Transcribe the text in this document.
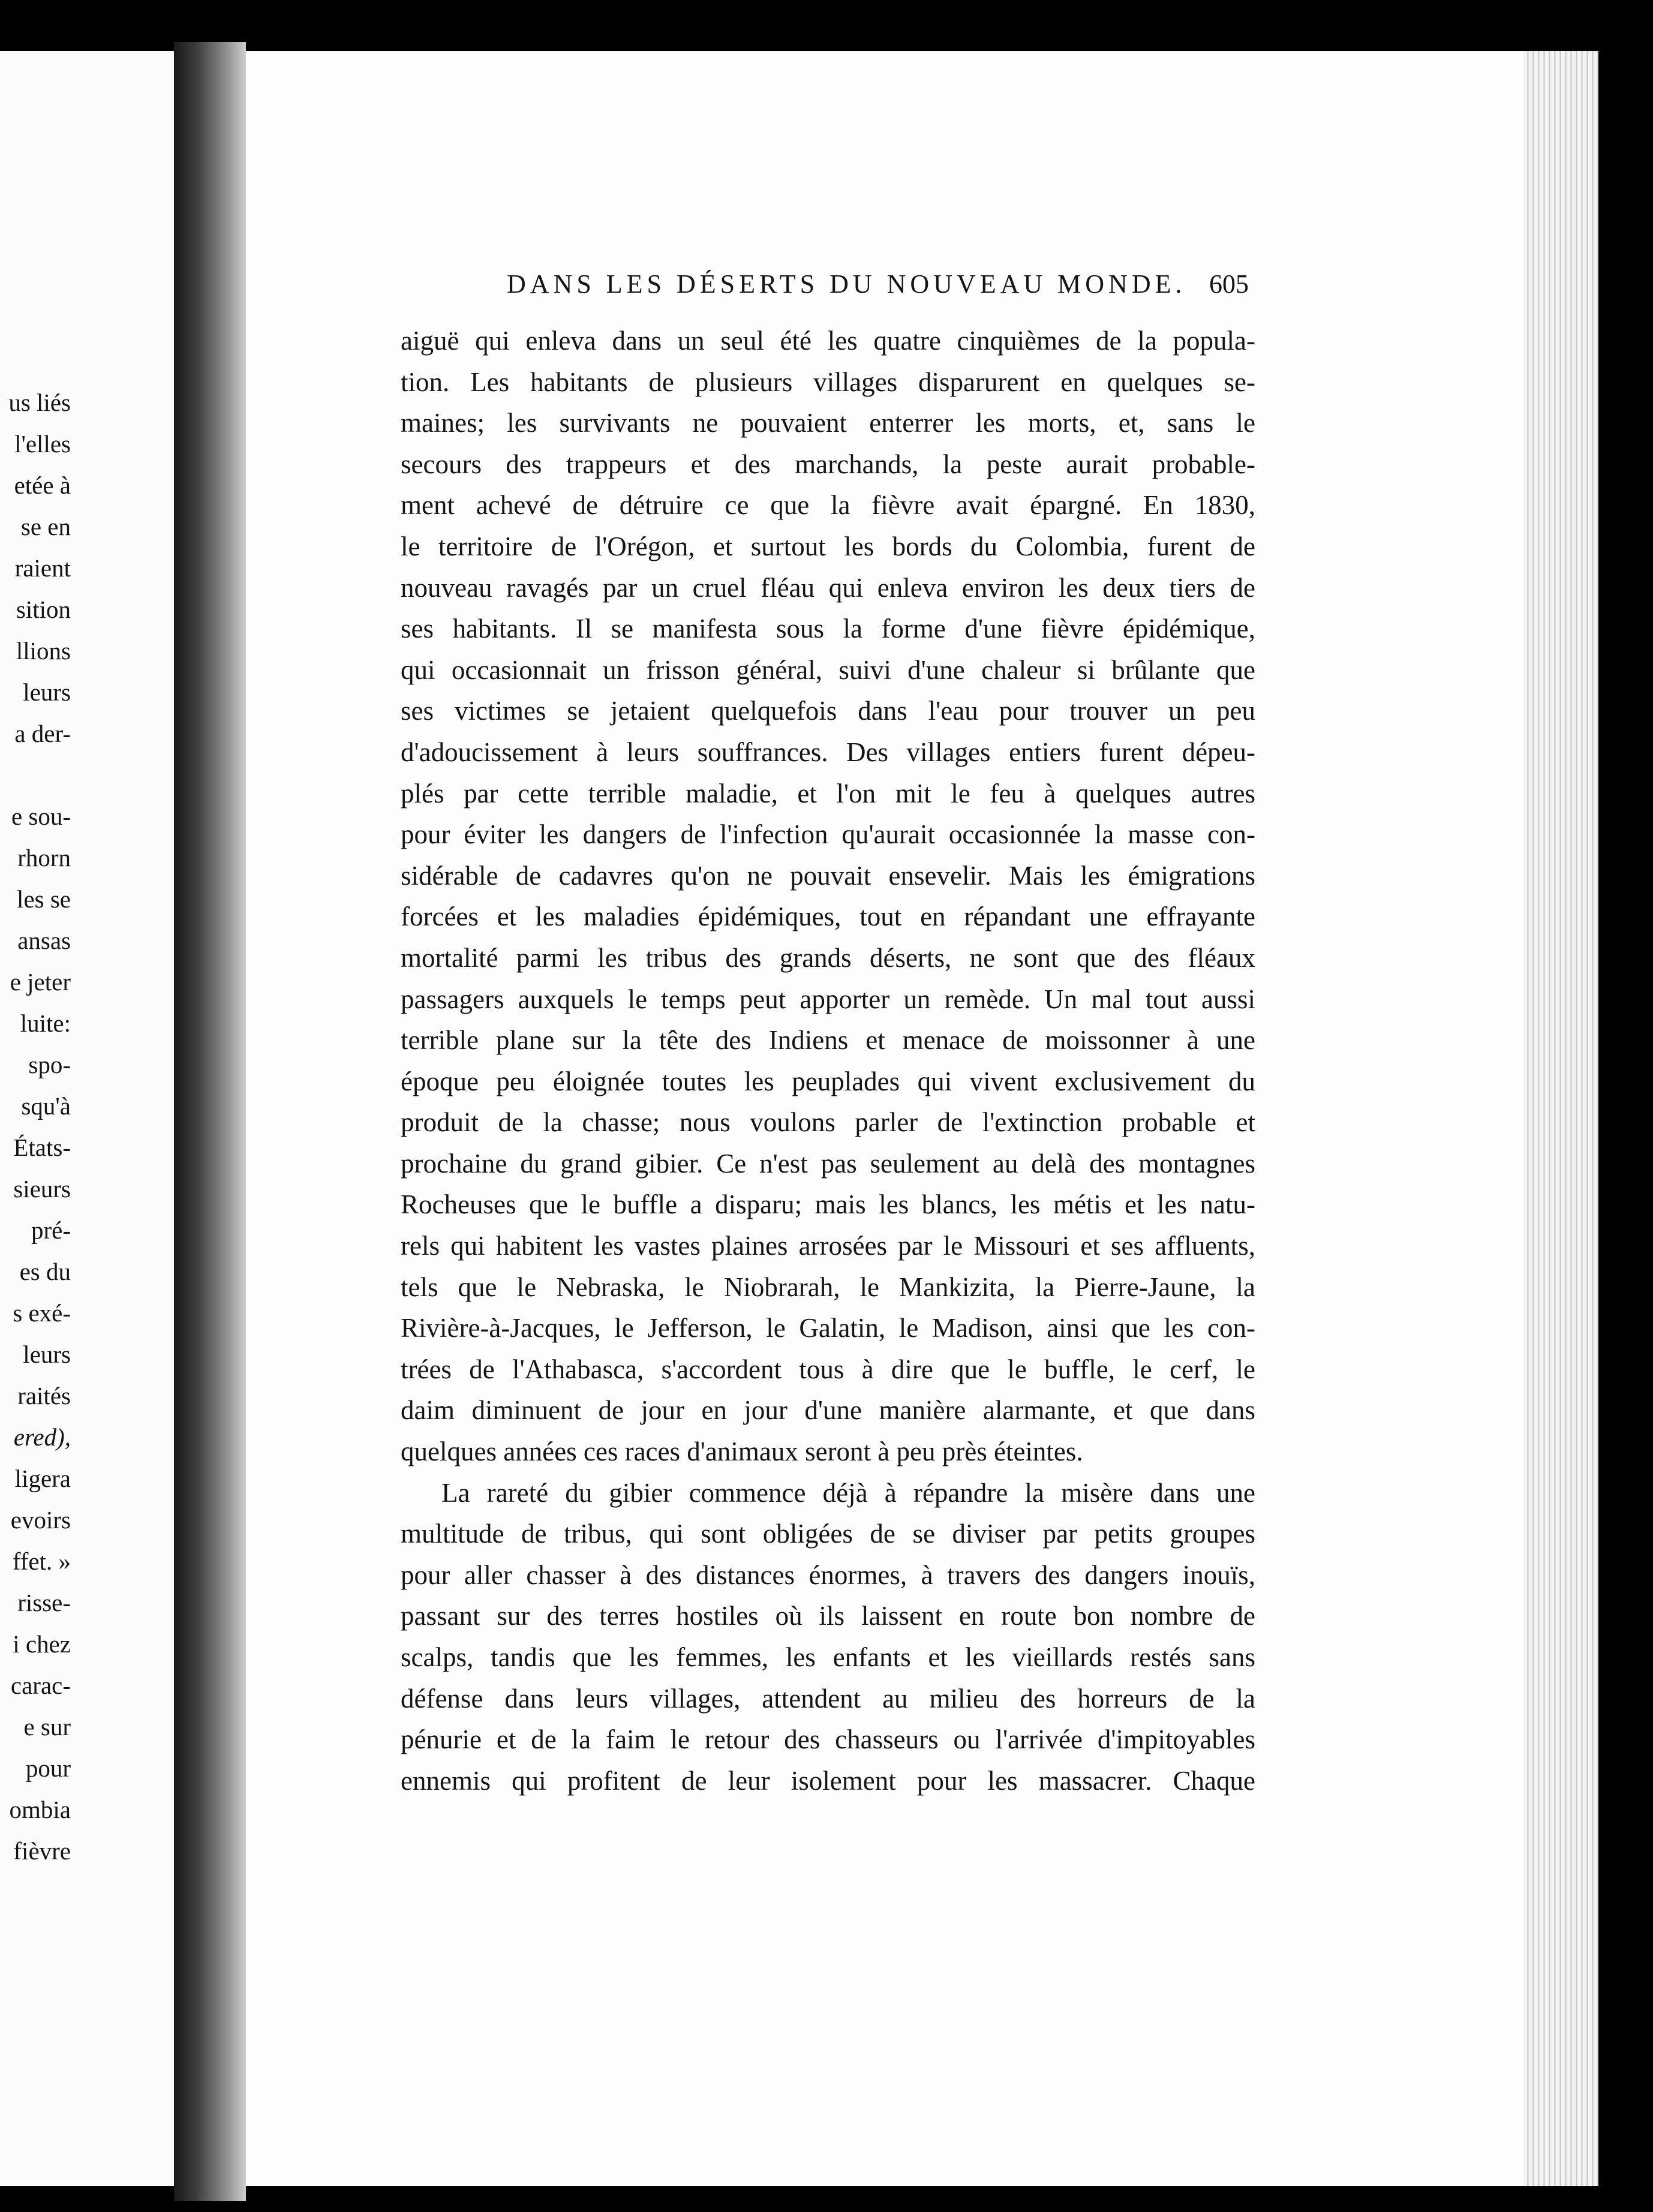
us liés
l'elles
etée à
se en
raient
sition
llions
leurs
a der-
e sou-
rhorn
les se
ansas
e jeter
luite:
spo-
squ'à
États-
sieurs
pré-
es du
s exé-
leurs
raités
ered),
ligera
evoirs
ffet. »
risse-
i chez
carac-
e sur
pour
ombia
fièvre
DANS LES DÉSERTS DU NOUVEAU MONDE. 605
aiguë qui enleva dans un seul été les quatre cinquièmes de la popula-
tion. Les habitants de plusieurs villages disparurent en quelques se-
maines; les survivants ne pouvaient enterrer les morts, et, sans le
secours des trappeurs et des marchands, la peste aurait probable-
ment achevé de détruire ce que la fièvre avait épargné. En 1830,
le territoire de l'Orégon, et surtout les bords du Colombia, furent de
nouveau ravagés par un cruel fléau qui enleva environ les deux tiers de
ses habitants. Il se manifesta sous la forme d'une fièvre épidémique,
qui occasionnait un frisson général, suivi d'une chaleur si brûlante que
ses victimes se jetaient quelquefois dans l'eau pour trouver un peu
d'adoucissement à leurs souffrances. Des villages entiers furent dépeu-
plés par cette terrible maladie, et l'on mit le feu à quelques autres
pour éviter les dangers de l'infection qu'aurait occasionnée la masse con-
sidérable de cadavres qu'on ne pouvait ensevelir. Mais les émigrations
forcées et les maladies épidémiques, tout en répandant une effrayante
mortalité parmi les tribus des grands déserts, ne sont que des fléaux
passagers auxquels le temps peut apporter un remède. Un mal tout aussi
terrible plane sur la tête des Indiens et menace de moissonner à une
époque peu éloignée toutes les peuplades qui vivent exclusivement du
produit de la chasse; nous voulons parler de l'extinction probable et
prochaine du grand gibier. Ce n'est pas seulement au delà des montagnes
Rocheuses que le buffle a disparu; mais les blancs, les métis et les natu-
rels qui habitent les vastes plaines arrosées par le Missouri et ses affluents,
tels que le Nebraska, le Niobrarah, le Mankizita, la Pierre-Jaune, la
Rivière-à-Jacques, le Jefferson, le Galatin, le Madison, ainsi que les con-
trées de l'Athabasca, s'accordent tous à dire que le buffle, le cerf, le
daim diminuent de jour en jour d'une manière alarmante, et que dans
quelques années ces races d'animaux seront à peu près éteintes.
La rareté du gibier commence déjà à répandre la misère dans une
multitude de tribus, qui sont obligées de se diviser par petits groupes
pour aller chasser à des distances énormes, à travers des dangers inouïs,
passant sur des terres hostiles où ils laissent en route bon nombre de
scalps, tandis que les femmes, les enfants et les vieillards restés sans
défense dans leurs villages, attendent au milieu des horreurs de la
pénurie et de la faim le retour des chasseurs ou l'arrivée d'impitoyables
ennemis qui profitent de leur isolement pour les massacrer. Chaque
